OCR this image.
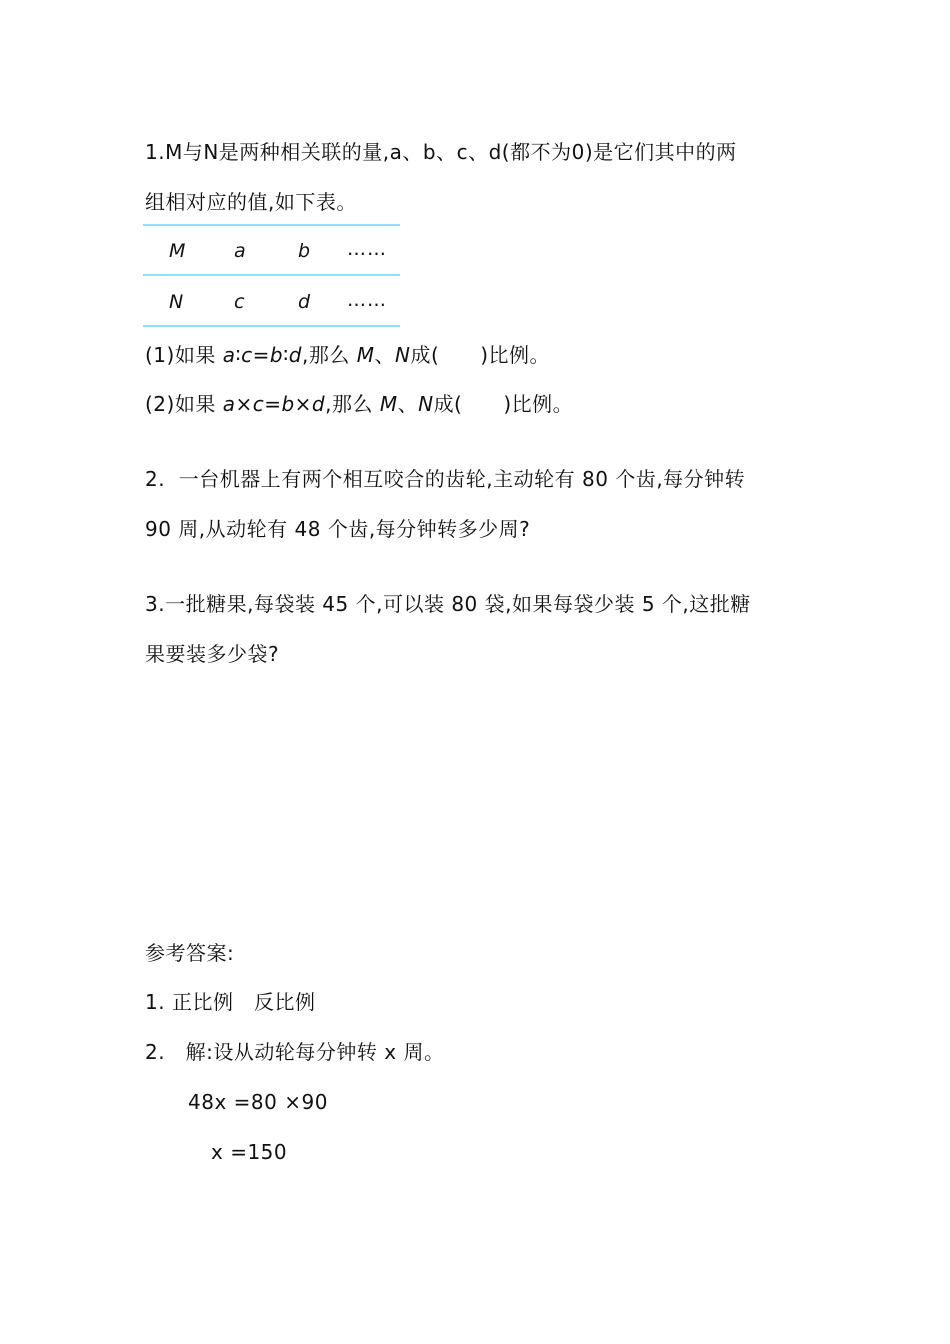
1.M与N是两种相关联的量,a、b、c、d(都不为0)是它们其中的两
组相对应的值,如下表。
M	a	b ……
N	c	d ……
(1)如果 a∶c=b∶d,那么 M、N成(　　)比例。
(2)如果 a×c=b×d,那么 M、N成(　　)比例。
2.  一台机器上有两个相互咬合的齿轮,主动轮有 80 个齿,每分钟转
90 周,从动轮有 48 个齿,每分钟转多少周?
3.一批糖果,每袋装 45 个,可以装 80 袋,如果每袋少装 5 个,这批糖
果要装多少袋?
参考答案:
1. 正比例　反比例
2.   解:设从动轮每分钟转 x 周。
48x =80 ×90
x =150
